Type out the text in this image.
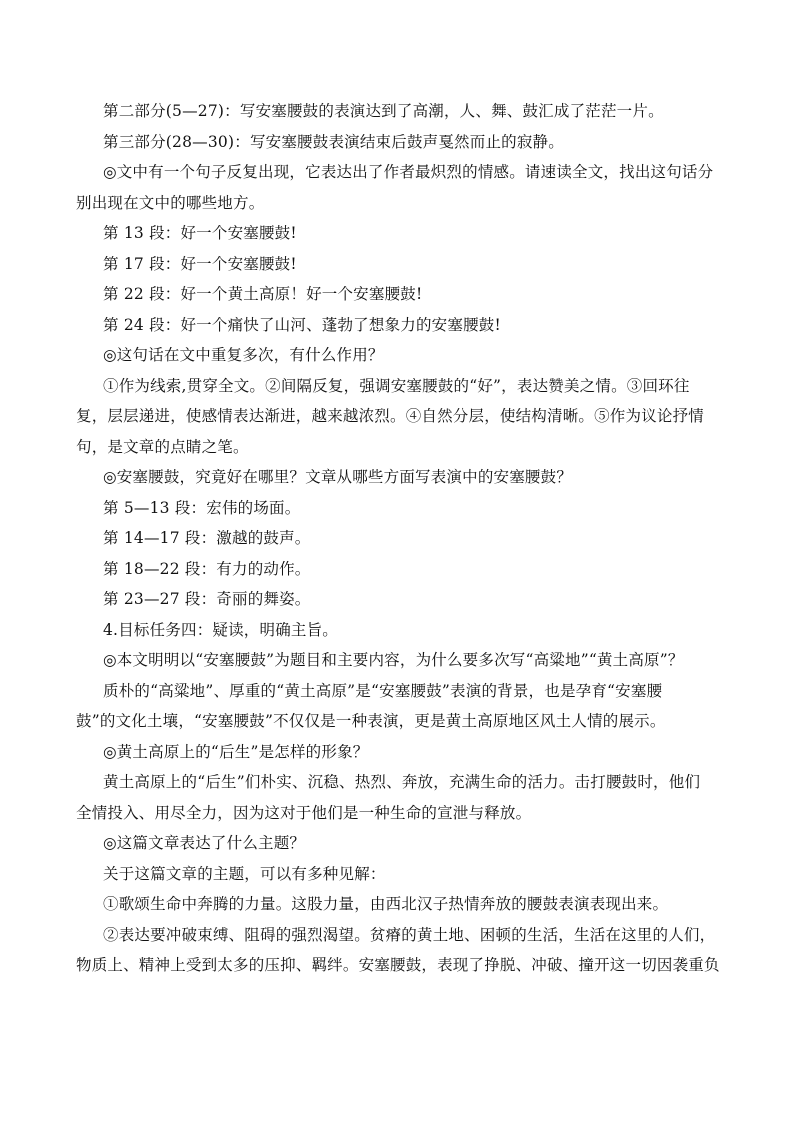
第二部分(5—27)：写安塞腰鼓的表演达到了高潮，人、舞、鼓汇成了茫茫一片。
第三部分(28—30)：写安塞腰鼓表演结束后鼓声戛然而止的寂静。
◎文中有一个句子反复出现，它表达出了作者最炽烈的情感。请速读全文，找出这句话分
别出现在文中的哪些地方。
第 13 段：好一个安塞腰鼓!
第 17 段：好一个安塞腰鼓!
第 22 段：好一个黄土高原！好一个安塞腰鼓!
第 24 段：好一个痛快了山河、蓬勃了想象力的安塞腰鼓!
◎这句话在文中重复多次，有什么作用？
①作为线索,贯穿全文。②间隔反复，强调安塞腰鼓的“好”，表达赞美之情。③回环往
复，层层递进，使感情表达渐进，越来越浓烈。④自然分层，使结构清晰。⑤作为议论抒情
句，是文章的点睛之笔。
◎安塞腰鼓，究竟好在哪里？文章从哪些方面写表演中的安塞腰鼓？
第 5—13 段：宏伟的场面。
第 14—17 段：激越的鼓声。
第 18—22 段：有力的动作。
第 23—27 段：奇丽的舞姿。
4.目标任务四：疑读，明确主旨。
◎本文明明以“安塞腰鼓”为题目和主要内容，为什么要多次写“高粱地”“黄土高原”？
质朴的“高粱地”、厚重的“黄土高原”是“安塞腰鼓”表演的背景，也是孕育“安塞腰
鼓”的文化土壤，“安塞腰鼓”不仅仅是一种表演，更是黄土高原地区风土人情的展示。
◎黄土高原上的“后生”是怎样的形象？
黄土高原上的“后生”们朴实、沉稳、热烈、奔放，充满生命的活力。击打腰鼓时，他们
全情投入、用尽全力，因为这对于他们是一种生命的宣泄与释放。
◎这篇文章表达了什么主题？
关于这篇文章的主题，可以有多种见解：
①歌颂生命中奔腾的力量。这股力量，由西北汉子热情奔放的腰鼓表演表现出来。
②表达要冲破束缚、阻碍的强烈渴望。贫瘠的黄土地、困顿的生活，生活在这里的人们，
物质上、精神上受到太多的压抑、羁绊。安塞腰鼓，表现了挣脱、冲破、撞开这一切因袭重负
